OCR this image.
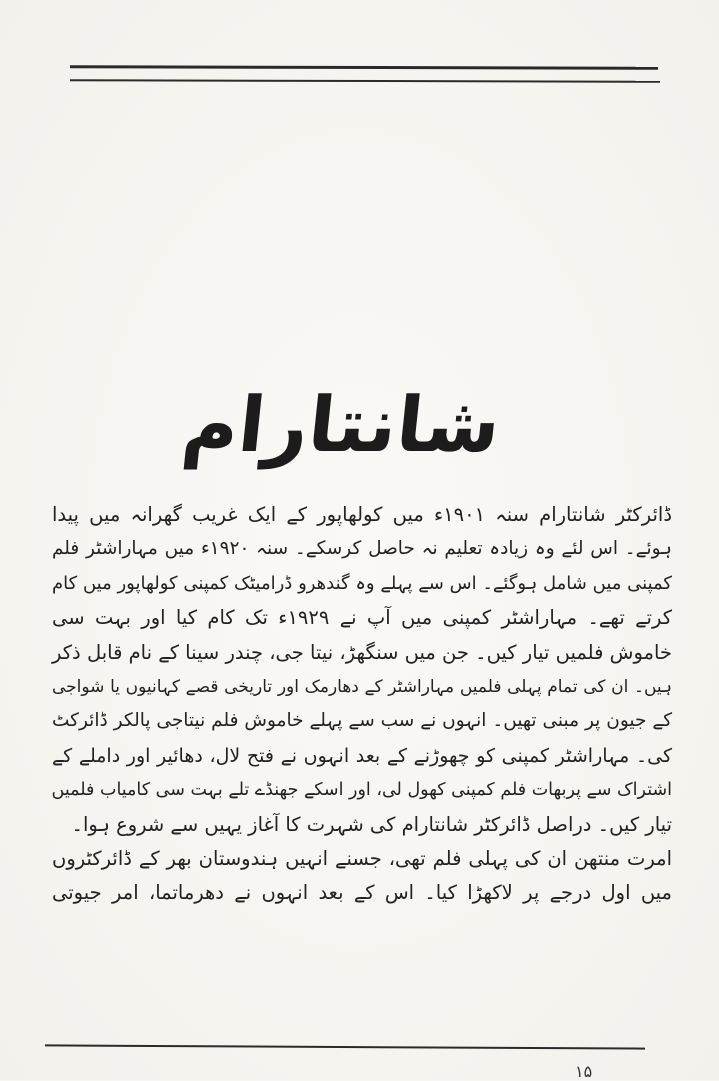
شانتارام
ڈائرکٹر شانتارام سنہ ۱۹۰۱ء میں کولھاپور کے ایک غریب گھرانہ میں پیدا
ہوئے۔ اس لئے وہ زیادہ تعلیم نہ حاصل کرسکے۔ سنہ ۱۹۲۰ء میں مہاراشٹر فلم
کمپنی میں شامل ہوگئے۔ اس سے پہلے وہ گندھرو ڈرامیٹک کمپنی کولھاپور میں کام
کرتے تھے۔ مہاراشٹر کمپنی میں آپ نے ۱۹۲۹ء تک کام کیا اور بہت سی
خاموش فلمیں تیار کیں۔ جن میں سنگھڑ، نیتا جی، چندر سینا کے نام قابل ذکر
ہیں۔ ان کی تمام پہلی فلمیں مہاراشٹر کے دھارمک اور تاریخی قصے کہانیوں یا شواجی
کے جیون پر مبنی تھیں۔ انہوں نے سب سے پہلے خاموش فلم نیتاجی پالکر ڈائرکٹ
کی۔ مہاراشٹر کمپنی کو چھوڑنے کے بعد انہوں نے فتح لال، دھائیر اور داملے کے
اشتراک سے پربھات فلم کمپنی کھول لی، اور اسکے جھنڈے تلے بہت سی کامیاب فلمیں
تیار کیں۔ دراصل ڈائرکٹر شانتارام کی شہرت کا آغاز یہیں سے شروع ہوا۔
امرت منتھن ان کی پہلی فلم تھی، جسنے انہیں ہندوستان بھر کے ڈائرکٹروں
میں اول درجے پر لاکھڑا کیا۔ اس کے بعد انہوں نے دھرماتما، امر جیوتی
۱۵
